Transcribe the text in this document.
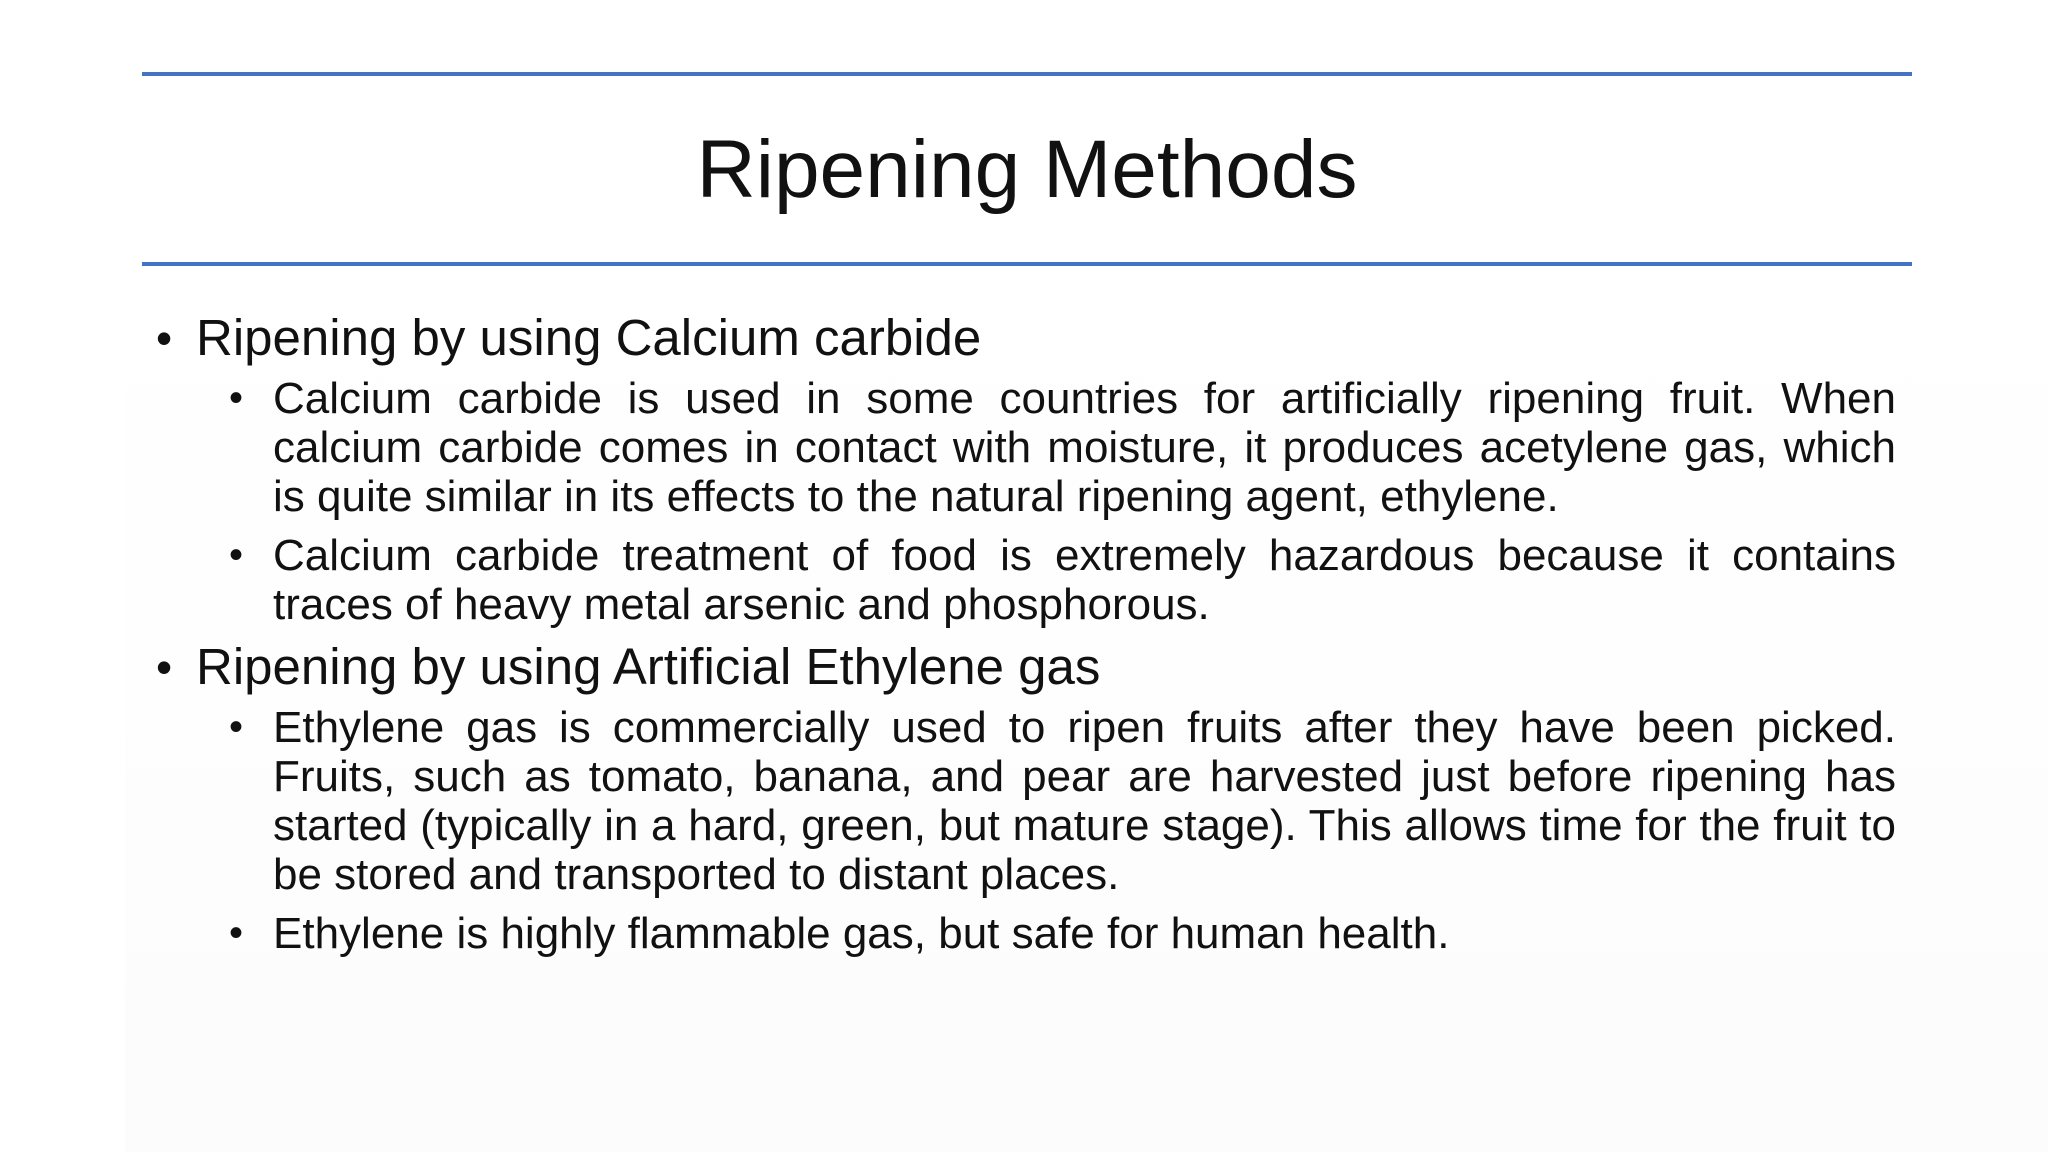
Ripening Methods
• Ripening by using Calcium carbide
• Calcium carbide is used in some countries for artificially ripening fruit. When calcium carbide comes in contact with moisture, it produces acetylene gas, which is quite similar in its effects to the natural ripening agent, ethylene.
• Calcium carbide treatment of food is extremely hazardous because it contains traces of heavy metal arsenic and phosphorous.
• Ripening by using Artificial Ethylene gas
• Ethylene gas is commercially used to ripen fruits after they have been picked. Fruits, such as tomato, banana, and pear are harvested just before ripening has started (typically in a hard, green, but mature stage). This allows time for the fruit to be stored and transported to distant places.
• Ethylene is highly flammable gas, but safe for human health.
